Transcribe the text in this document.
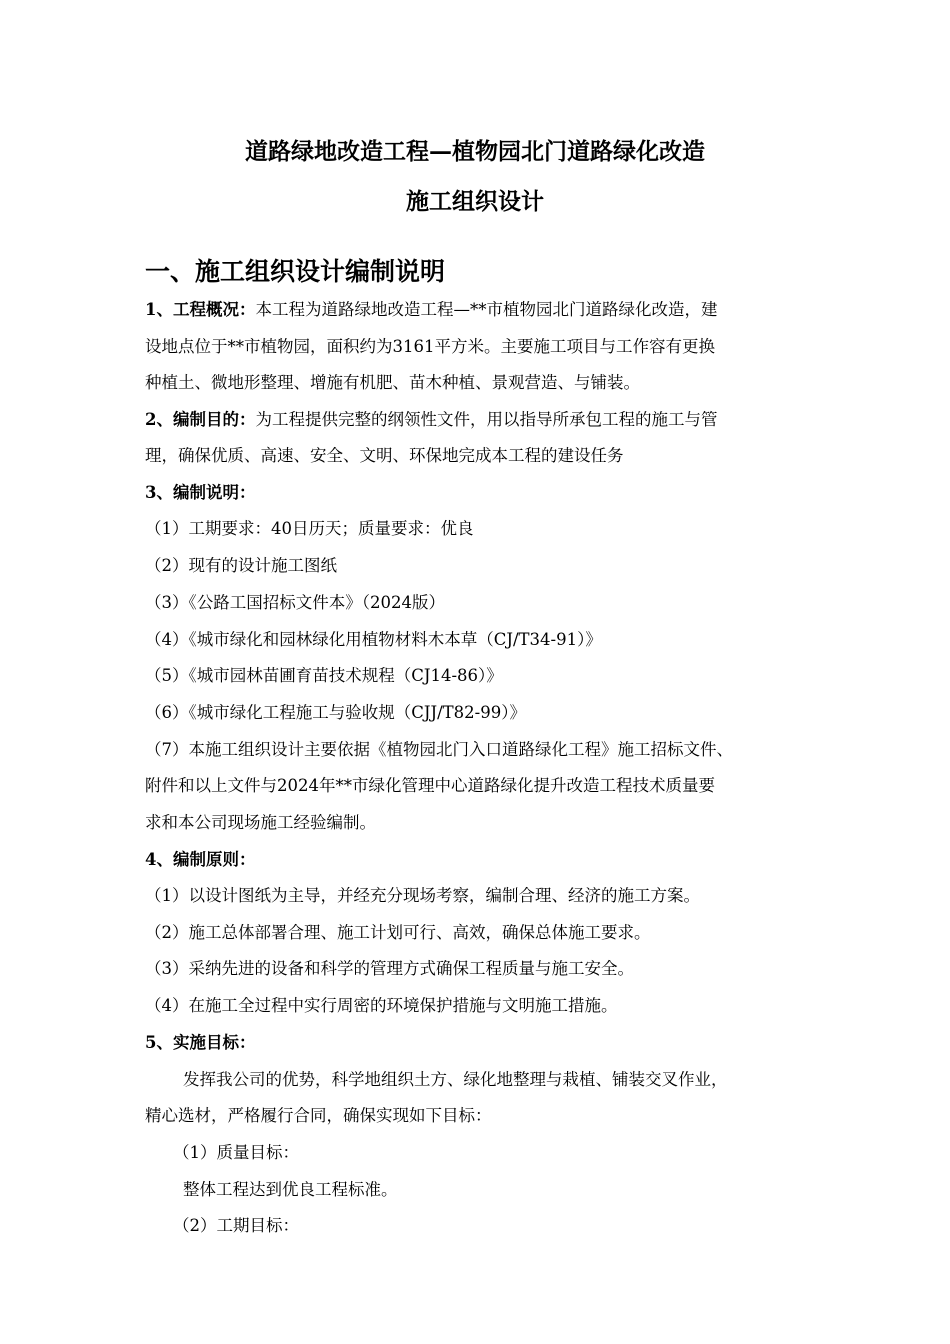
道路绿地改造工程—植物园北门道路绿化改造
施工组织设计
一、施工组织设计编制说明
1、工程概况：本工程为道路绿地改造工程—**市植物园北门道路绿化改造，建
设地点位于**市植物园，面积约为3161平方米。主要施工项目与工作容有更换
种植土、微地形整理、增施有机肥、苗木种植、景观营造、与铺装。
2、编制目的：为工程提供完整的纲领性文件，用以指导所承包工程的施工与管
理，确保优质、高速、安全、文明、环保地完成本工程的建设任务
3、编制说明：
（1）工期要求：40日历天；质量要求：优良
（2）现有的设计施工图纸
（3）《公路工国招标文件本》（2024版）
（4）《城市绿化和园林绿化用植物材料木本草（CJ/T34-91）》
（5）《城市园林苗圃育苗技术规程（CJ14-86）》
（6）《城市绿化工程施工与验收规（CJJ/T82-99）》
（7）本施工组织设计主要依据《植物园北门入口道路绿化工程》施工招标文件、
附件和以上文件与2024年**市绿化管理中心道路绿化提升改造工程技术质量要
求和本公司现场施工经验编制。
4、编制原则：
（1）以设计图纸为主导，并经充分现场考察，编制合理、经济的施工方案。
（2）施工总体部署合理、施工计划可行、高效，确保总体施工要求。
（3）采纳先进的设备和科学的管理方式确保工程质量与施工安全。
（4）在施工全过程中实行周密的环境保护措施与文明施工措施。
5、实施目标：
发挥我公司的优势，科学地组织土方、绿化地整理与栽植、铺装交叉作业，
精心选材，严格履行合同，确保实现如下目标：
（1）质量目标：
整体工程达到优良工程标准。
（2）工期目标：
